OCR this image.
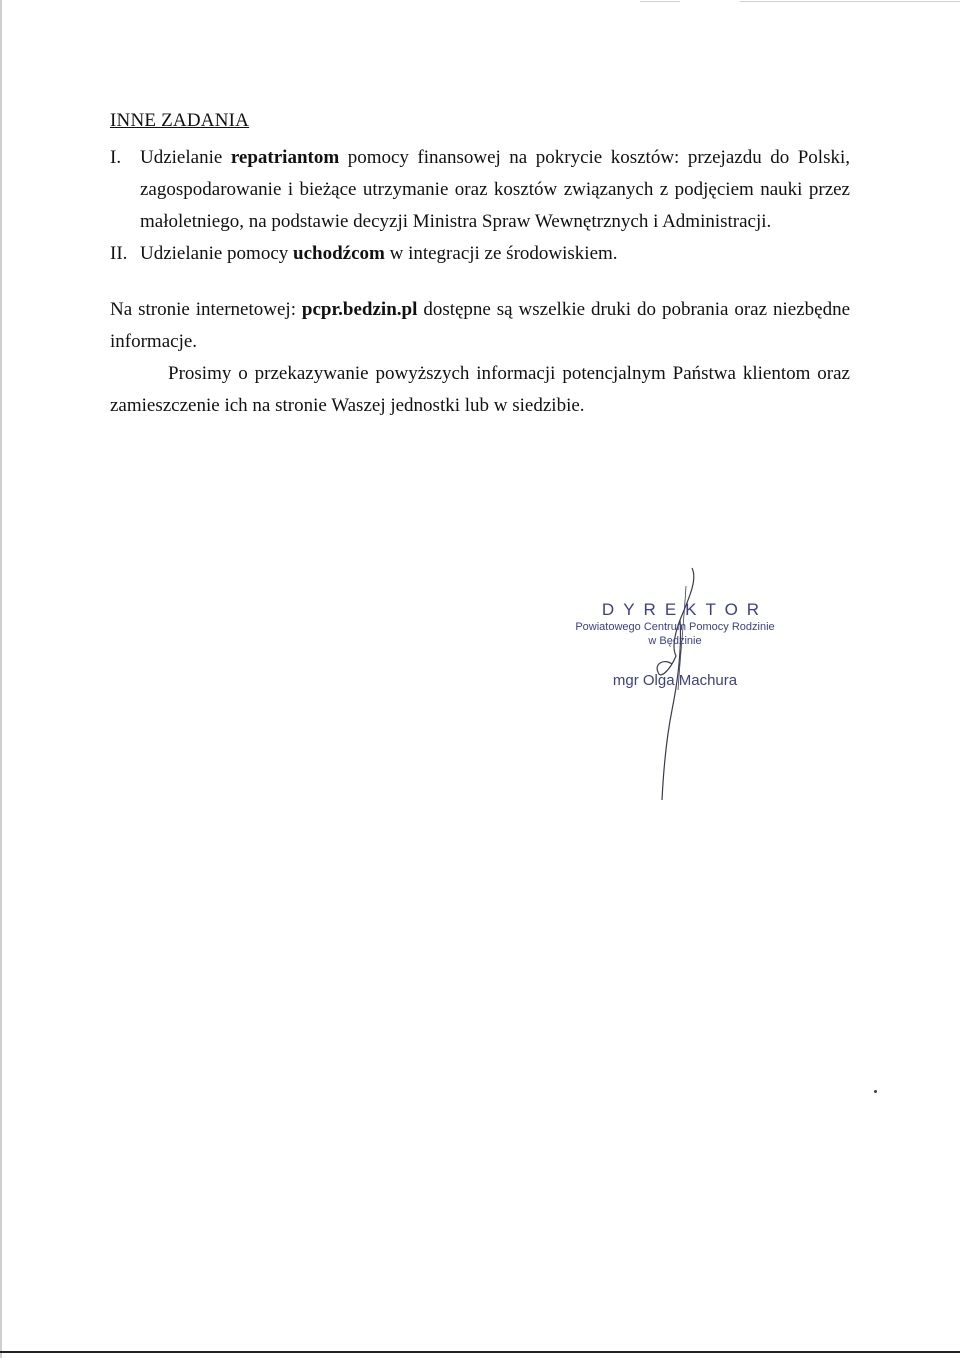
INNE ZADANIA
I. Udzielanie repatriantom pomocy finansowej na pokrycie kosztów: przejazdu do Polski, zagospodarowanie i bieżące utrzymanie oraz kosztów związanych z podjęciem nauki przez małoletniego, na podstawie decyzji Ministra Spraw Wewnętrznych i Administracji.
II. Udzielanie pomocy uchodźcom w integracji ze środowiskiem.

Na stronie internetowej: pcpr.bedzin.pl dostępne są wszelkie druki do pobrania oraz niezbędne informacje.

Prosimy o przekazywanie powyższych informacji potencjalnym Państwa klientom oraz zamieszczenie ich na stronie Waszej jednostki lub w siedzibie.

DYREKTOR
Powiatowego Centrum Pomocy Rodzinie
w Będzinie
mgr Olga Machura
